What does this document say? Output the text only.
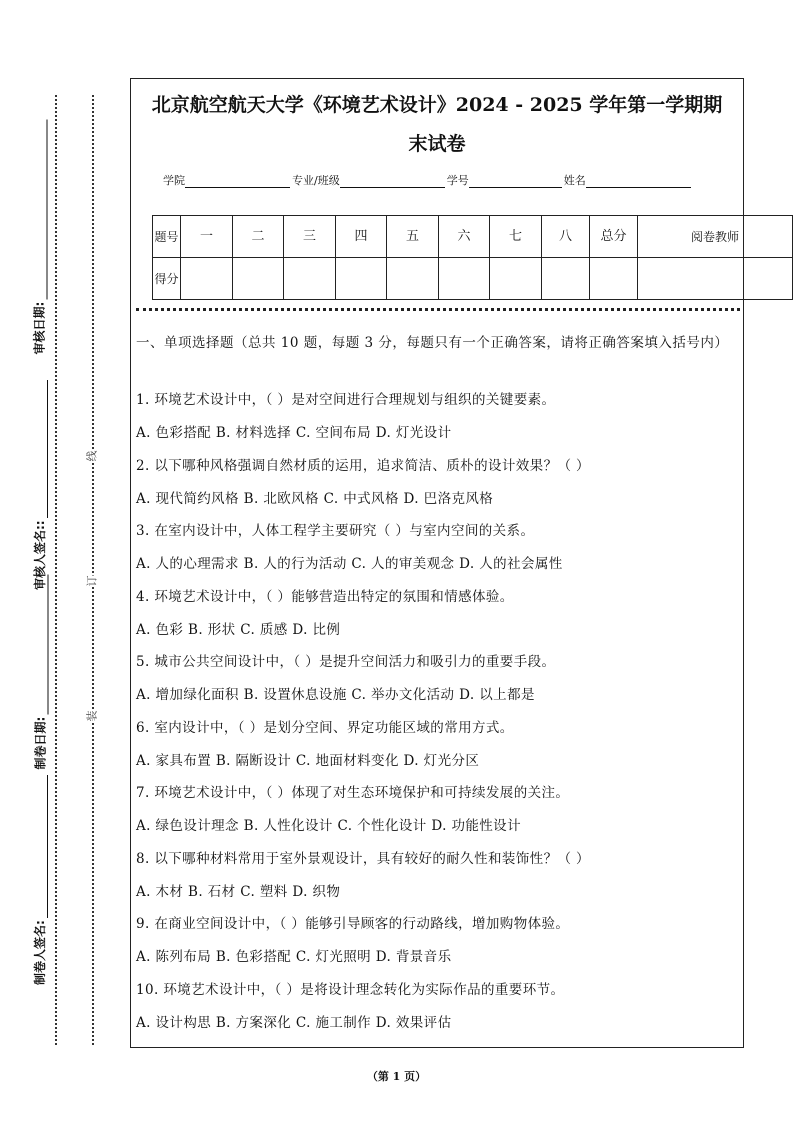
线
订
装
审核日期:
审核人签名::
制卷日期:
制卷人签名:
北京航空航天大学《环境艺术设计》2024 - 2025 学年第一学期期
末试卷
学院	专业/班级	学号	姓名
题号	一	二	三	四	五	六	七	八	总分	阅卷教师
得分										
一、单项选择题（总共 10 题，每题 3 分，每题只有一个正确答案，请将正确答案填入括号内）
1. 环境艺术设计中，（ ）是对空间进行合理规划与组织的关键要素。
A. 色彩搭配 B. 材料选择 C. 空间布局 D. 灯光设计
2. 以下哪种风格强调自然材质的运用，追求简洁、质朴的设计效果？（ ）
A. 现代简约风格 B. 北欧风格 C. 中式风格 D. 巴洛克风格
3. 在室内设计中，人体工程学主要研究（ ）与室内空间的关系。
A. 人的心理需求 B. 人的行为活动 C. 人的审美观念 D. 人的社会属性
4. 环境艺术设计中，（ ）能够营造出特定的氛围和情感体验。
A. 色彩 B. 形状 C. 质感 D. 比例
5. 城市公共空间设计中，（ ）是提升空间活力和吸引力的重要手段。
A. 增加绿化面积 B. 设置休息设施 C. 举办文化活动 D. 以上都是
6. 室内设计中，（ ）是划分空间、界定功能区域的常用方式。
A. 家具布置 B. 隔断设计 C. 地面材料变化 D. 灯光分区
7. 环境艺术设计中，（ ）体现了对生态环境保护和可持续发展的关注。
A. 绿色设计理念 B. 人性化设计 C. 个性化设计 D. 功能性设计
8. 以下哪种材料常用于室外景观设计，具有较好的耐久性和装饰性？（ ）
A. 木材 B. 石材 C. 塑料 D. 织物
9. 在商业空间设计中，（ ）能够引导顾客的行动路线，增加购物体验。
A. 陈列布局 B. 色彩搭配 C. 灯光照明 D. 背景音乐
10. 环境艺术设计中，（ ）是将设计理念转化为实际作品的重要环节。
A. 设计构思 B. 方案深化 C. 施工制作 D. 效果评估
（第 1 页）
